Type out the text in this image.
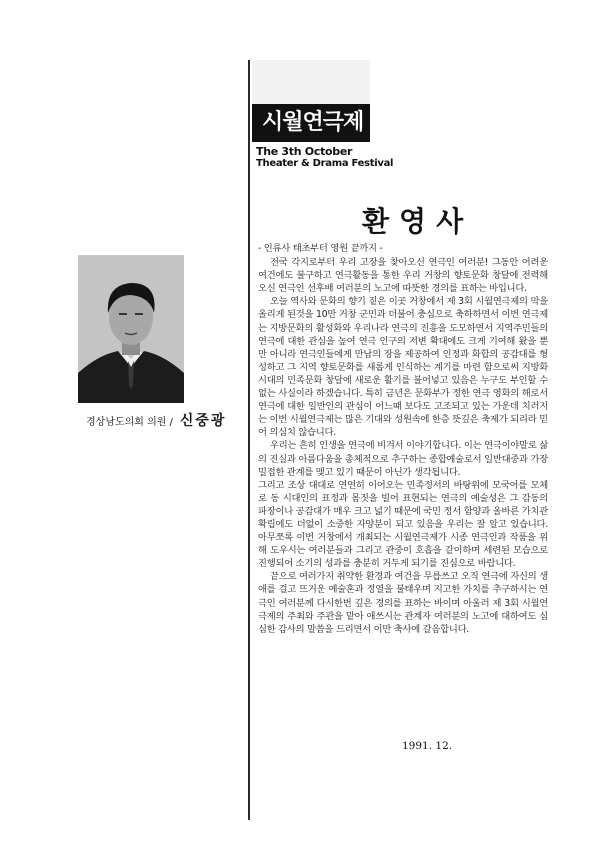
시월연극제
The 3th October
Theater & Drama Festival
환영사
경상남도의회 의원 / 신중광

- 인류사 태초부터 영원 끝까지 -

전국 각지로부터 우리 고장을 찾아오신 연극인 여러분! 그동안 어려운 여건에도 불구하고 연극활동을 통한 우리 거창의 향토문화 창달에 전력해 오신 연극인 선후배 여러분의 노고에 따뜻한 경의를 표하는 바입니다.

오늘 역사와 문화의 향기 짙은 이곳 거창에서 제 3회 시월연극제의 막을 올리게 된것을 10만 거창 군민과 더불어 충심으로 축하하면서 이번 연극제는 지방문화의 활성화와 우리나라 연극의 진흥을 도모하면서 지역주민들의 연극에 대한 관심을 높여 연극 인구의 저변 확대에도 크게 기여해 왔을 뿐만 아니라 연극인들에게 만남의 장을 제공하여 인정과 화합의 공감대를 형성하고 그 지역 향토문화를 새롭게 인식하는 계기를 마련 함으로써 지방화 시대의 민족문화 창달에 새로운 활기를 불어넣고 있음은 누구도 부인할 수 없는 사실이라 하겠습니다. 특히 금년은 문화부가 정한 연극 영화의 해로서 연극에 대한 일반인의 관심이 어느때 보다도 고조되고 있는 가운데 치러지는 이번 시월연극제는 많은 기대와 성원속에 한층 뜻깊은 축제가 되리라 믿어 의심치 않습니다.

우리는 흔히 인생을 연극에 비겨서 이야기합니다. 이는 연극이야말로 삶의 진실과 아름다움을 총체적으로 추구하는 종합예술로서 일반대중과 가장 밀접한 관계를 맺고 있기 때문이 아닌가 생각됩니다.

그리고 조상 대대로 연연히 이어오는 민족정서의 바탕위에 모국어를 모체로 동 시대인의 표정과 몸짓을 빌어 표현되는 연극의 예술성은 그 감동의 파장이나 공감대가 매우 크고 넓기 때문에 국민 정서 함양과 올바른 가치관 확립에도 더없이 소중한 자양분이 되고 있음을 우리는 잘 알고 있습니다. 아무쪼록 이번 거창에서 개최되는 시월연극제가 시종 연극인과 작품을 위해 도우시는 여러분들과 그리고 관중이 호흡을 같이하며 세련된 모습으로 진행되어 소기의 성과를 충분히 거두게 되기를 진심으로 바랍니다.

끝으로 여러가지 취약한 환경과 여건을 무릅쓰고 오직 연극에 자신의 생애를 걸고 뜨거운 예술혼과 정열을 불태우며 지고한 가치를 추구하시는 연극인 여러분께 다시한번 깊은 경의를 표하는 바이며 아울러 제 3회 시월연극제의 주최와 주관을 맡아 애쓰시는 관계자 여러분의 노고에 대하여도 심심한 감사의 말씀을 드리면서 이만 축사에 갈음합니다.

1991. 12.
